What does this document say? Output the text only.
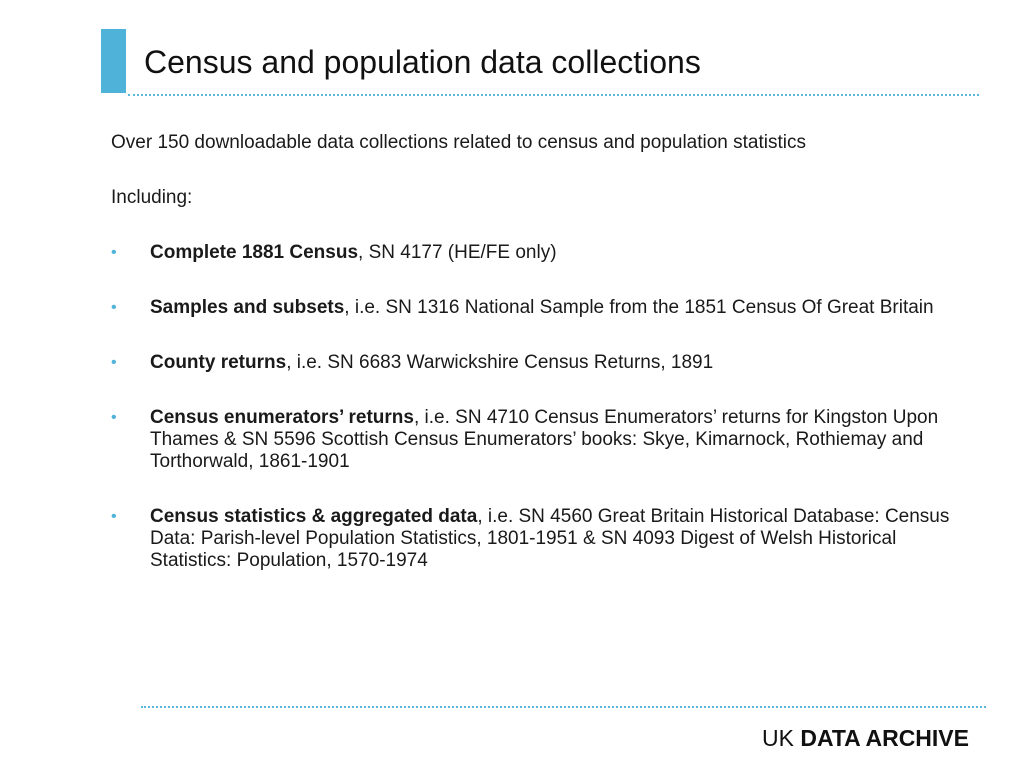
Census and population data collections

Over 150 downloadable data collections related to census and population statistics

Including:

• Complete 1881 Census, SN 4177 (HE/FE only)
• Samples and subsets, i.e. SN 1316 National Sample from the 1851 Census Of Great Britain
• County returns, i.e. SN 6683 Warwickshire Census Returns, 1891
• Census enumerators’ returns, i.e. SN 4710 Census Enumerators’ returns for Kingston Upon Thames & SN 5596 Scottish Census Enumerators’ books: Skye, Kimarnock, Rothiemay and Torthorwald, 1861-1901
• Census statistics & aggregated data, i.e. SN 4560 Great Britain Historical Database: Census Data: Parish-level Population Statistics, 1801-1951 & SN 4093 Digest of Welsh Historical Statistics: Population, 1570-1974
UK DATA ARCHIVE
